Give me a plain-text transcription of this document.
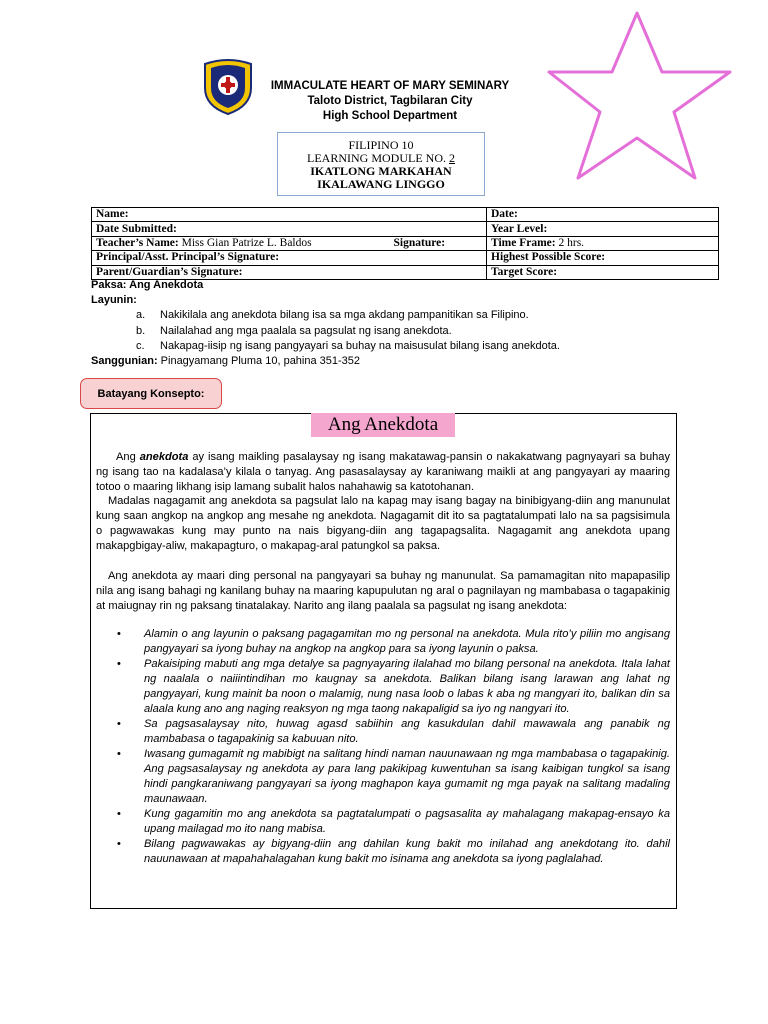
IMMACULATE HEART OF MARY SEMINARY
Taloto District, Tagbilaran City
High School Department
FILIPINO 10
LEARNING MODULE NO. 2
IKATLONG MARKAHAN
IKALAWANG LINGGO
Name:	Date:
Date Submitted:	Year Level:
Teacher’s Name: Miss Gian Patrize L. Baldos Signature:	Time Frame: 2 hrs.
Principal/Asst. Principal’s Signature:	Highest Possible Score:
Parent/Guardian’s Signature:	Target Score:
Paksa: Ang Anekdota
Layunin:
a. Nakikilala ang anekdota bilang isa sa mga akdang pampanitikan sa Filipino.
b. Nailalahad ang mga paalala sa pagsulat ng isang anekdota.
c. Nakapag-iisip ng isang pangyayari sa buhay na maisusulat bilang isang anekdota.
Sanggunian: Pinagyamang Pluma 10, pahina 351-352
Batayang Konsepto:
Ang Anekdota
Ang anekdota ay isang maikling pasalaysay ng isang makatawag-pansin o nakakatwang pagnyayari sa buhay ng isang tao na kadalasa’y kilala o tanyag. Ang pasasalaysay ay karaniwang maikli at ang pangyayari ay maaring totoo o maaring likhang isip lamang subalit halos nahahawig sa katotohanan.
Madalas nagagamit ang anekdota sa pagsulat lalo na kapag may isang bagay na binibigyang-diin ang manunulat kung saan angkop na angkop ang mesahe ng anekdota. Nagagamit dit ito sa pagtatalumpati lalo na sa pagsisimula o pagwawakas kung may punto na nais bigyang-diin ang tagapagsalita. Nagagamit ang anekdota upang makapgbigay-aliw, makapagturo, o makapag-aral patungkol sa paksa.
Ang anekdota ay maari ding personal na pangyayari sa buhay ng manunulat. Sa pamamagitan nito mapapasilip nila ang isang bahagi ng kanilang buhay na maaring kapupulutan ng aral o pagnilayan ng mambabasa o tagapakinig at maiugnay rin ng paksang tinatalakay. Narito ang ilang paalala sa pagsulat ng isang anekdota:
• Alamin o ang layunin o paksang pagagamitan mo ng personal na anekdota. Mula rito’y piliin mo angisang pangyayari sa iyong buhay na angkop na angkop para sa iyong layunin o paksa.
• Pakaisiping mabuti ang mga detalye sa pagnyayaring ilalahad mo bilang personal na anekdota. Itala lahat ng naalala o naiiintindihan mo kaugnay sa anekdota. Balikan bilang isang larawan ang lahat ng pangyayari, kung mainit ba noon o malamig, nung nasa loob o labas k aba ng mangyari ito, balikan din sa alaala kung ano ang naging reaksyon ng mga taong nakapaligid sa iyo ng nangyari ito.
• Sa pagsasalaysay nito, huwag agasd sabiihin ang kasukdulan dahil mawawala ang panabik ng mambabasa o tagapakinig sa kabuuan nito.
• Iwasang gumagamit ng mabibigt na salitang hindi naman nauunawaan ng mga mambabasa o tagapakinig. Ang pagsasalaysay ng anekdota ay para lang pakikipag kuwentuhan sa isang kaibigan tungkol sa isang hindi pangkaraniwang pangyayari sa iyong maghapon kaya gumamit ng mga payak na salitang madaling maunawaan.
• Kung gagamitin mo ang anekdota sa pagtatalumpati o pagsasalita ay mahalagang makapag-ensayo ka upang mailagad mo ito nang mabisa.
• Bilang pagwawakas ay bigyang-diin ang dahilan kung bakit mo inilahad ang anekdotang ito. dahil nauunawaan at mapahahalagahan kung bakit mo isinama ang anekdota sa iyong paglalahad.
